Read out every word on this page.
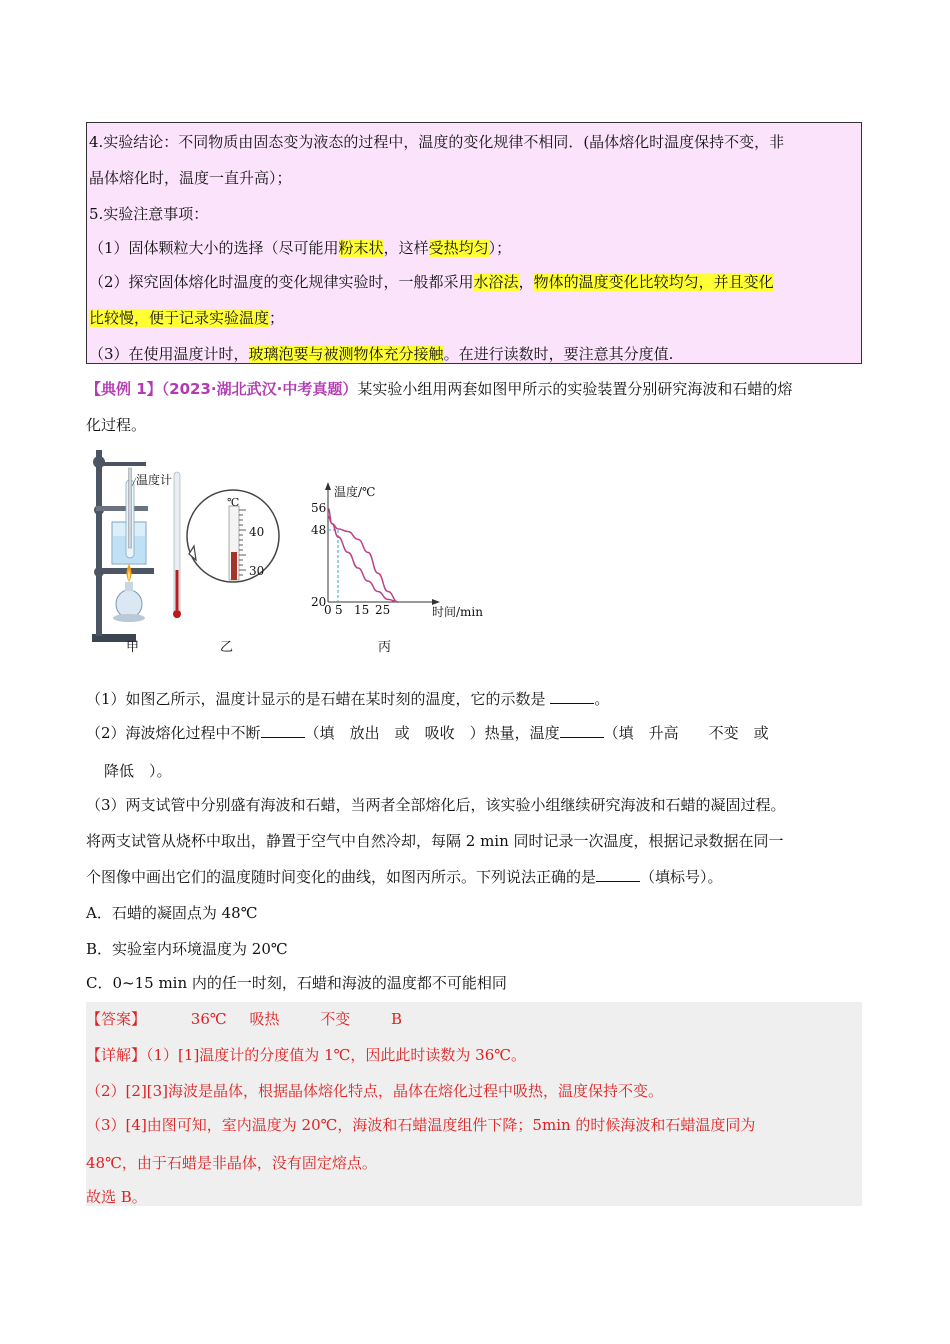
4.实验结论：不同物质由固态变为液态的过程中，温度的变化规律不相同．(晶体熔化时温度保持不变，非
晶体熔化时，温度一直升高）；
5.实验注意事项：
（1）固体颗粒大小的选择（尽可能用粉末状，这样受热均匀）；
（2）探究固体熔化时温度的变化规律实验时，一般都采用水浴法，物体的温度变化比较均匀，并且变化
比较慢，便于记录实验温度；
（3）在使用温度计时，玻璃泡要与被测物体充分接触。在进行读数时，要注意其分度值.
【典例 1】（2023·湖北武汉·中考真题）某实验小组用两套如图甲所示的实验装置分别研究海波和石蜡的熔
化过程。
温度计
甲
℃
40
30
乙
温度/℃
时间/min
56
48
20
0 5 15 25
丙
（1）如图乙所示，温度计显示的是石蜡在某时刻的温度，它的示数是	。
（2）海波熔化过程中不断	（填  放出  或  吸收  ）热量，温度	（填  升高   不变  或
降低  ）。
（3）两支试管中分别盛有海波和石蜡，当两者全部熔化后，该实验小组继续研究海波和石蜡的凝固过程。
将两支试管从烧杯中取出，静置于空气中自然冷却，每隔 2 min 同时记录一次温度，根据记录数据在同一
个图像中画出它们的温度随时间变化的曲线，如图丙所示。下列说法正确的是	（填标号）。
A．石蜡的凝固点为 48℃
B．实验室内环境温度为 20℃
C．0~15 min 内的任一时刻，石蜡和海波的温度都不可能相同
【答案】	36℃ 吸热	不变	B
【详解】（1）[1]温度计的分度值为 1℃，因此此时读数为 36℃。
（2）[2][3]海波是晶体，根据晶体熔化特点，晶体在熔化过程中吸热，温度保持不变。
（3）[4]由图可知，室内温度为 20℃，海波和石蜡温度组件下降；5min 的时候海波和石蜡温度同为
48℃，由于石蜡是非晶体，没有固定熔点。
故选 B。
